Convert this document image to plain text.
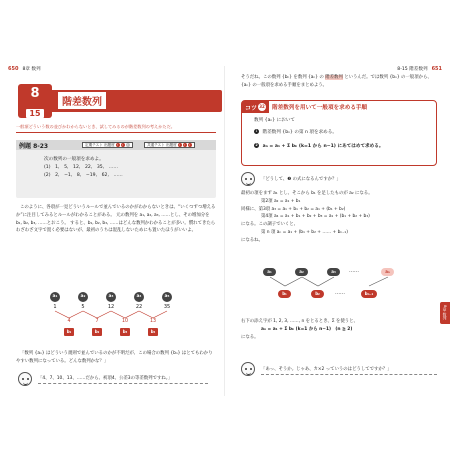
650 8章 数列
8
15
階差数列
一般項どういう数の並びかわからないとき、試してみるのが階差数列の考えかただ。
例題 8-23	定期テスト 出題度 !	!	!	共通テスト 出題度 !	!	!
次の数列の一般項を求めよ。
(1)　1,　5,　12,　22,　35,　……
(2)　2,　−1,　8,　−19,　62,　……
このように、各項が一見どういうルールで並んでいるのかがわからないときは、“いくつずつ増えるか”に注目してみるとルールがわかることがある。 元の数列を a₁, a₂, a₃, ……とし、その増加分を b₁, b₂, b₃, ……とおこう。 すると、b₁, b₂, b₃, ……はどんな数列かわかることが多い。慣れてきたらわざわざ文字で置く必要はないが、最初のうちは混乱しないためにも置いたほうがいいよ。
a₁	a₂	a₃	a₄	a₅
1	5	12	22	35
4	7	10	13
b₁	b₂	b₃	b₄
「数列 {aₙ} はどういう規則で並んでいるのかが不明だが、この場合の数列 {bₙ} はとてもわかりやすい数列になっている。どんな数列かな？」
「4、7、10、13、……だから、初項4、公差3の等差数列ですね。」
8-15 階差数列 651
そうだね。この数列 {bₙ} を数列 {aₙ} の 階差数列 というんだ。では数列 {bₙ} の一般項から、{aₙ} の一般項を求める手順をまとめよう。
コツ 32 階差数列を用いて一般項を求める手順
数列 {aₙ} において
1 階差数列 {bₙ} の第 n 項を求める。
2 aₙ = a₁ + Σ bₖ (k=1 から n−1) にあてはめて求める。
「どうして、❷ の式になるんですか？」
最初の項をまず a₁ とし、そこから b₁ を足したものが a₂ になる。
第2項 a₂ = a₁ + b₁
同様に、第3項 a₃ = a₁ + b₁ + b₂ = a₁ + (b₁ + b₂)
第4項 a₄ = a₁ + b₁ + b₂ + b₃ = a₁ + (b₁ + b₂ + b₃)
になる。この調子でいくと、
第 n 項 aₙ = a₁ + (b₁ + b₂ + …… + bₙ₋₁)
になるね。
a₁	a₂	a₃	……	aₙ
b₁	b₂	……	bₙ₋₁
右下の添え字が 1, 2, 3, ……, n をとるとき、Σ を使うと、
aₙ = a₁ + Σ bₖ (k=1 から n−1)　(n ≧ 2)
になる。
「あっ、そうか。じゃあ、カ×2 っていうのはどうしてですか？」
8章 数列
